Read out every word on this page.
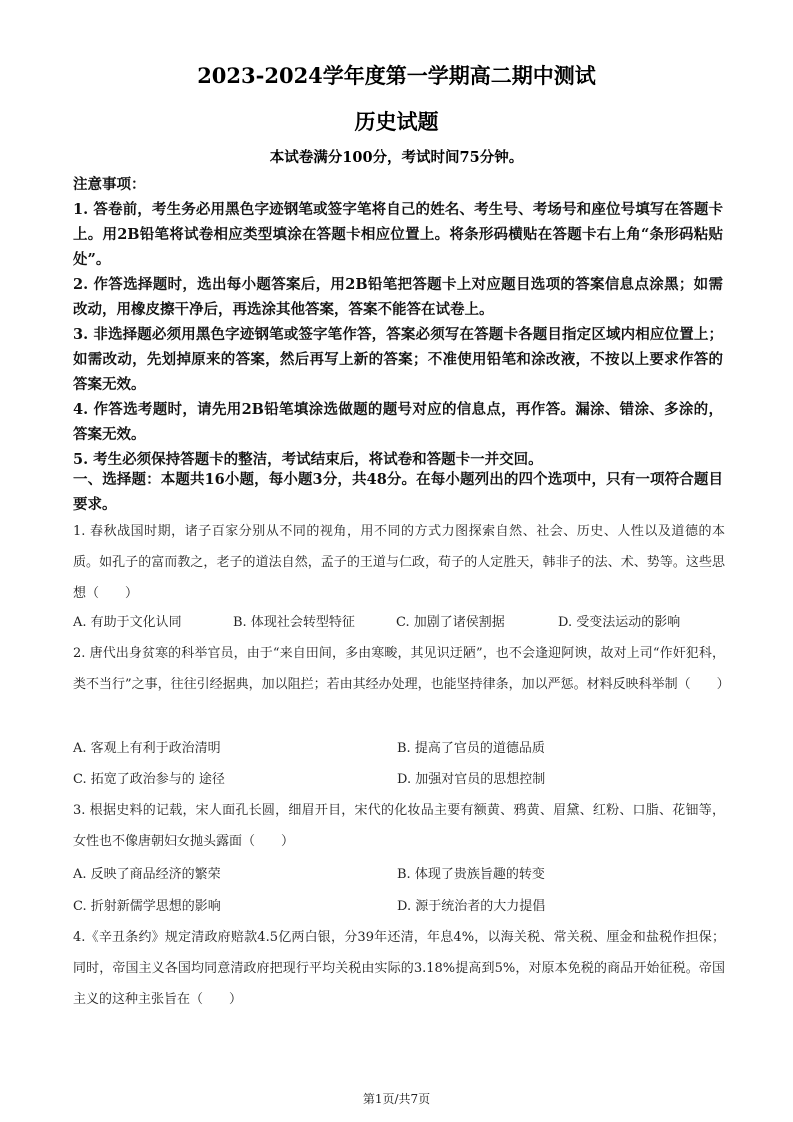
2023-2024学年度第一学期高二期中测试
历史试题
本试卷满分100分，考试时间75分钟。

注意事项：

1. 答卷前，考生务必用黑色字迹钢笔或签字笔将自己的姓名、考生号、考场号和座位号填写在答题卡上。用2B铅笔将试卷相应类型填涂在答题卡相应位置上。将条形码横贴在答题卡右上角“条形码粘贴处”。

2. 作答选择题时，选出每小题答案后，用2B铅笔把答题卡上对应题目选项的答案信息点涂黑；如需改动，用橡皮擦干净后，再选涂其他答案，答案不能答在试卷上。

3. 非选择题必须用黑色字迹钢笔或签字笔作答，答案必须写在答题卡各题目指定区域内相应位置上；如需改动，先划掉原来的答案，然后再写上新的答案；不准使用铅笔和涂改液，不按以上要求作答的答案无效。

4. 作答选考题时，请先用2B铅笔填涂选做题的题号对应的信息点，再作答。漏涂、错涂、多涂的，答案无效。

5. 考生必须保持答题卡的整洁，考试结束后，将试卷和答题卡一并交回。

一、选择题：本题共16小题，每小题3分，共48分。在每小题列出的四个选项中，只有一项符合题目要求。

1. 春秋战国时期，诸子百家分别从不同的视角，用不同的方式力图探索自然、社会、历史、人性以及道德的本质。如孔子的富而教之，老子的道法自然，孟子的王道与仁政，荀子的人定胜天，韩非子的法、术、势等。这些思想（　　）

A. 有助于文化认同	B. 体现社会转型特征	C. 加剧了诸侯割据	D. 受变法运动的影响

2. 唐代出身贫寒的科举官员，由于“来自田间，多由寒畯，其见识迂陋”，也不会逢迎阿谀，故对上司“作奸犯科，类不当行”之事，往往引经据典，加以阻拦；若由其经办处理，也能坚持律条，加以严惩。材料反映科举制（　　）

A. 客观上有利于政治清明	B. 提高了官员的道德品质
C. 拓宽了政治参与的 途径	D. 加强对官员的思想控制

3. 根据史料的记载，宋人面孔长圆，细眉开目，宋代的化妆品主要有额黄、鸦黄、眉黛、红粉、口脂、花钿等，女性也不像唐朝妇女抛头露面（　　）

A. 反映了商品经济的繁荣	B. 体现了贵族旨趣的转变
C. 折射新儒学思想的影响	D. 源于统治者的大力提倡

4.《辛丑条约》规定清政府赔款4.5亿两白银，分39年还清，年息4%，以海关税、常关税、厘金和盐税作担保；同时，帝国主义各国均同意清政府把现行平均关税由实际的3.18%提高到5%，对原本免税的商品开始征税。帝国主义的这种主张旨在（　　）

第1页/共7页
